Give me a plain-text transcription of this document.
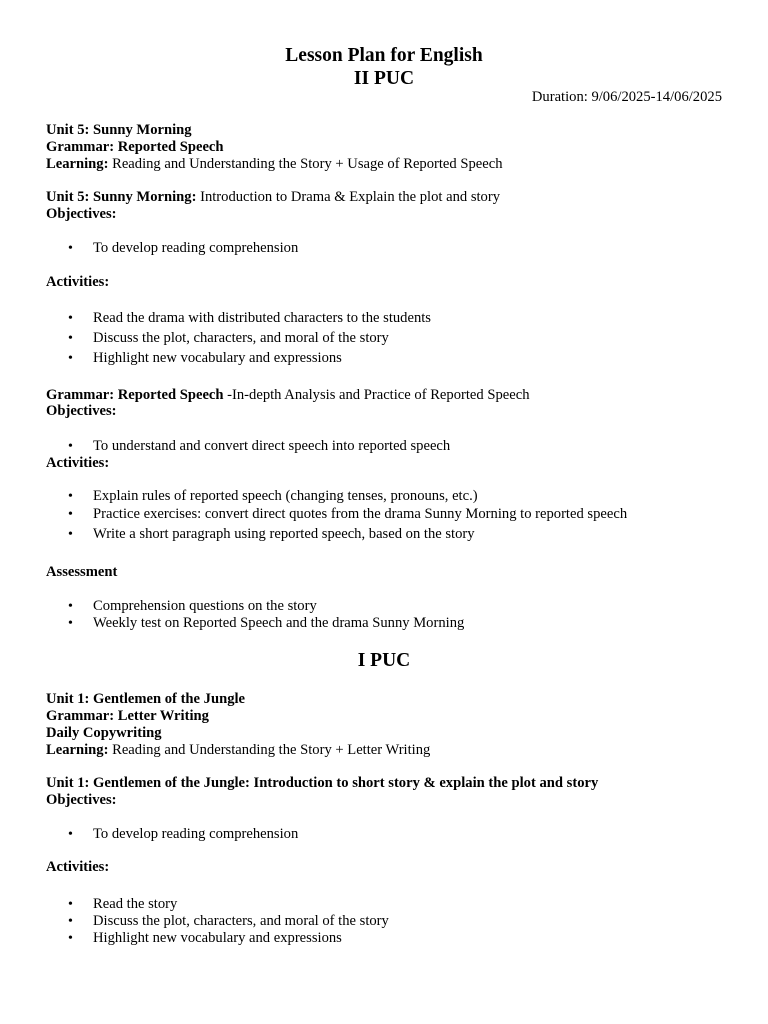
Lesson Plan for English
II PUC
Duration: 9/06/2025-14/06/2025
Unit 5: Sunny Morning
Grammar: Reported Speech
Learning: Reading and Understanding the Story + Usage of Reported Speech
Unit 5: Sunny Morning: Introduction to Drama & Explain the plot and story
Objectives:
• To develop reading comprehension
Activities:
• Read the drama with distributed characters to the students
• Discuss the plot, characters, and moral of the story
• Highlight new vocabulary and expressions
Grammar: Reported Speech -In-depth Analysis and Practice of Reported Speech
Objectives:
• To understand and convert direct speech into reported speech
Activities:
• Explain rules of reported speech (changing tenses, pronouns, etc.)
• Practice exercises: convert direct quotes from the drama Sunny Morning to reported speech
• Write a short paragraph using reported speech, based on the story
Assessment
• Comprehension questions on the story
• Weekly test on Reported Speech and the drama Sunny Morning
I PUC
Unit 1: Gentlemen of the Jungle
Grammar: Letter Writing
Daily Copywriting
Learning: Reading and Understanding the Story + Letter Writing
Unit 1: Gentlemen of the Jungle: Introduction to short story & explain the plot and story
Objectives:
• To develop reading comprehension
Activities:
• Read the story
• Discuss the plot, characters, and moral of the story
• Highlight new vocabulary and expressions
